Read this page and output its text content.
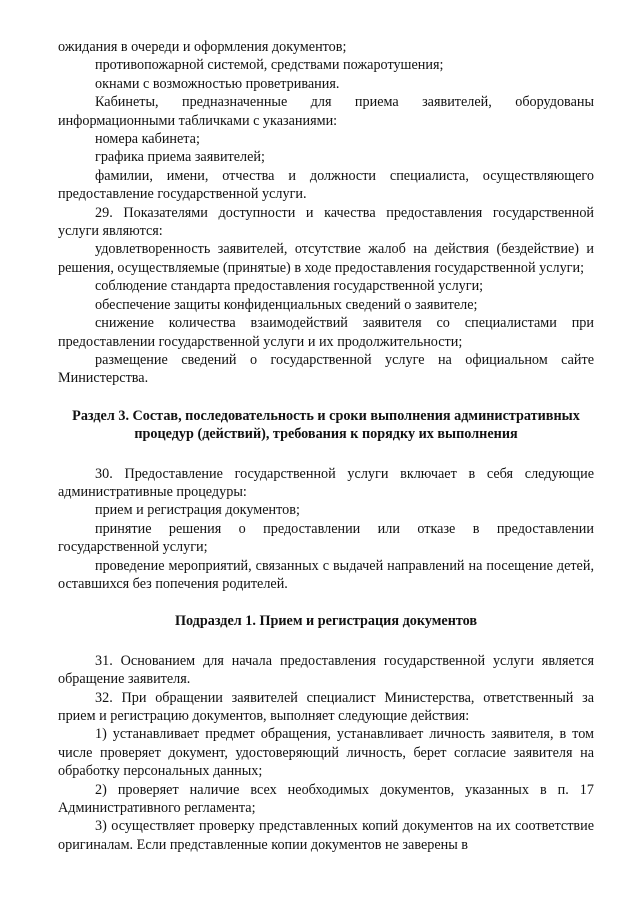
ожидания в очереди и оформления документов;

противопожарной системой, средствами пожаротушения;

окнами с возможностью проветривания.

Кабинеты, предназначенные для приема заявителей, оборудованы информационными табличками с указаниями:

номера кабинета;

графика приема заявителей;

фамилии, имени, отчества и должности специалиста, осуществляющего предоставление государственной услуги.

29. Показателями доступности и качества предоставления государственной услуги являются:

удовлетворенность заявителей, отсутствие жалоб на действия (бездействие) и решения, осуществляемые (принятые) в ходе предоставления государственной услуги;

соблюдение стандарта предоставления государственной услуги;

обеспечение защиты конфиденциальных сведений о заявителе;

снижение количества взаимодействий заявителя со специалистами при предоставлении государственной услуги и их продолжительности;

размещение сведений о государственной услуге на официальном сайте Министерства.

Раздел 3. Состав, последовательность и сроки выполнения административных процедур (действий), требования к порядку их выполнения

30. Предоставление государственной услуги включает в себя следующие административные процедуры:

прием и регистрация документов;

принятие решения о предоставлении или отказе в предоставлении государственной услуги;

проведение мероприятий, связанных с выдачей направлений на посещение детей, оставшихся без попечения родителей.

Подраздел 1. Прием и регистрация документов

31. Основанием для начала предоставления государственной услуги является обращение заявителя.

32. При обращении заявителей специалист Министерства, ответственный за прием и регистрацию документов, выполняет следующие действия:

1) устанавливает предмет обращения, устанавливает личность заявителя, в том числе проверяет документ, удостоверяющий личность, берет согласие заявителя на обработку персональных данных;

2) проверяет наличие всех необходимых документов, указанных в п. 17 Административного регламента;

3) осуществляет проверку представленных копий документов на их соответствие оригиналам. Если представленные копии документов не заверены в
